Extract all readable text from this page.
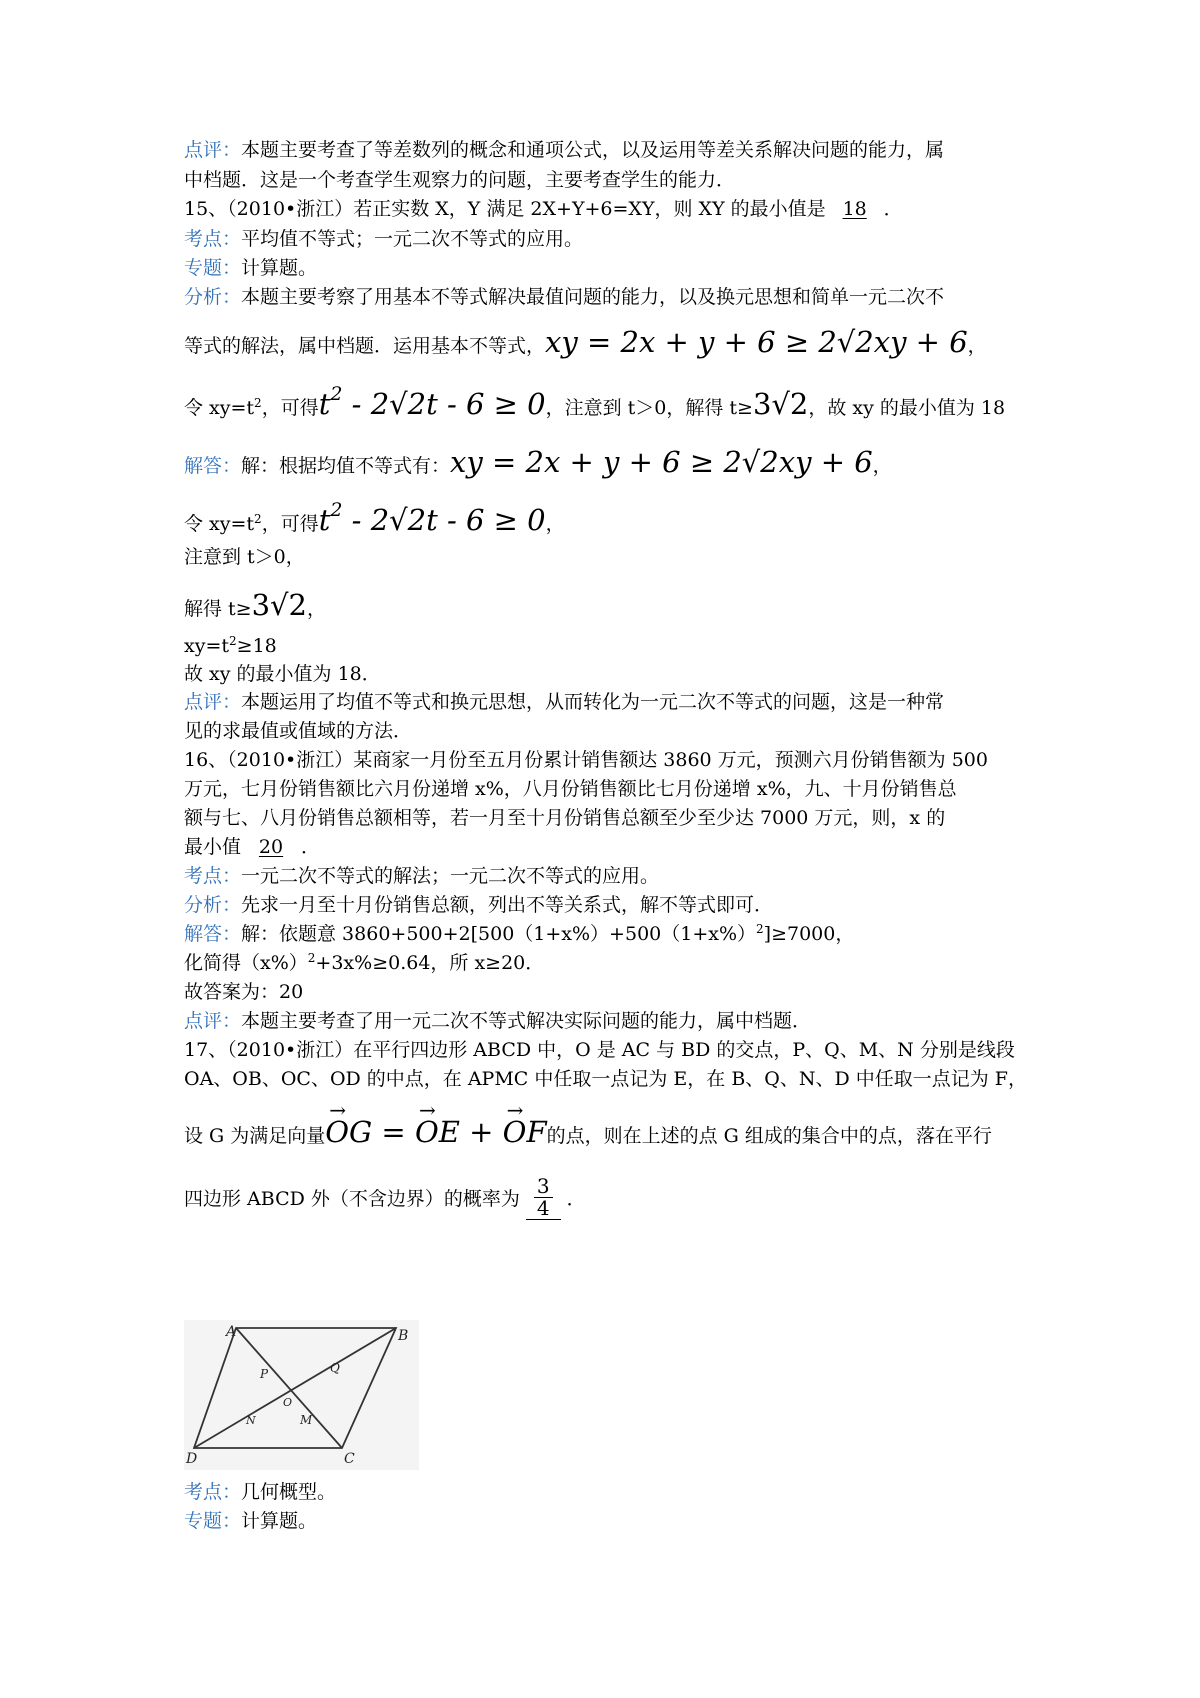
点评：本题主要考查了等差数列的概念和通项公式，以及运用等差关系解决问题的能力，属
中档题．这是一个考查学生观察力的问题，主要考查学生的能力．
15、（2010•浙江）若正实数 X，Y 满足 2X+Y+6=XY，则 XY 的最小值是 18 ．
考点：平均值不等式；一元二次不等式的应用。
专题：计算题。
分析：本题主要考察了用基本不等式解决最值问题的能力，以及换元思想和简单一元二次不
等式的解法，属中档题．运用基本不等式，xy = 2x + y + 6 ≥ 2√2xy + 6，
令 $xy=t^2$，可得$t^2 - 2√2t - 6 \ge 0$，注意到 t＞0，解得 t≥3√2，故 xy 的最小值为 18
解答：解：根据均值不等式有：xy = 2x + y + 6 ≥ 2√2xy + 6，
令 $xy=t^2$，可得$t^2 - 2√2t - 6 \ge 0$，
注意到 t＞0，
解得 t≥3√2，
$xy=t^2\ge 18$
故 xy 的最小值为 18．
点评：本题运用了均值不等式和换元思想，从而转化为一元二次不等式的问题，这是一种常
见的求最值或值域的方法．
16、（2010•浙江）某商家一月份至五月份累计销售额达 3860 万元，预测六月份销售额为 500
万元，七月份销售额比六月份递增 x%，八月份销售额比七月份递增 x%，九、十月份销售总
额与七、八月份销售总额相等，若一月至十月份销售总额至少至少达 7000 万元，则，x 的
最小值 20 ．
考点：一元二次不等式的解法；一元二次不等式的应用。
分析：先求一月至十月份销售总额，列出不等关系式，解不等式即可．
解答：解：依题意 $3860+500+2[500(1+x\%)+500(1+x\%)^2]\ge 7000$，
化简得$(x\%)^2+3x\%\ge 0.64$，所 x≥20．
故答案为：20
点评：本题主要考查了用一元二次不等式解决实际问题的能力，属中档题．
17、（2010•浙江）在平行四边形 ABCD 中，O 是 AC 与 BD 的交点，P、Q、M、N 分别是线段
OA、OB、OC、OD 的中点，在 APMC 中任取一点记为 E，在 B、Q、N、D 中任取一点记为 F，
设 G 为满足向量→ OG = → OE + → OF的点，则在上述的点 G 组成的集合中的点，落在平行
四边形 ABCD 外（不含边界）的概率为 $\frac{3}{4}$ ．
A	B
C
D
P	Q
M
N
O
考点：几何概型。
专题：计算题。
